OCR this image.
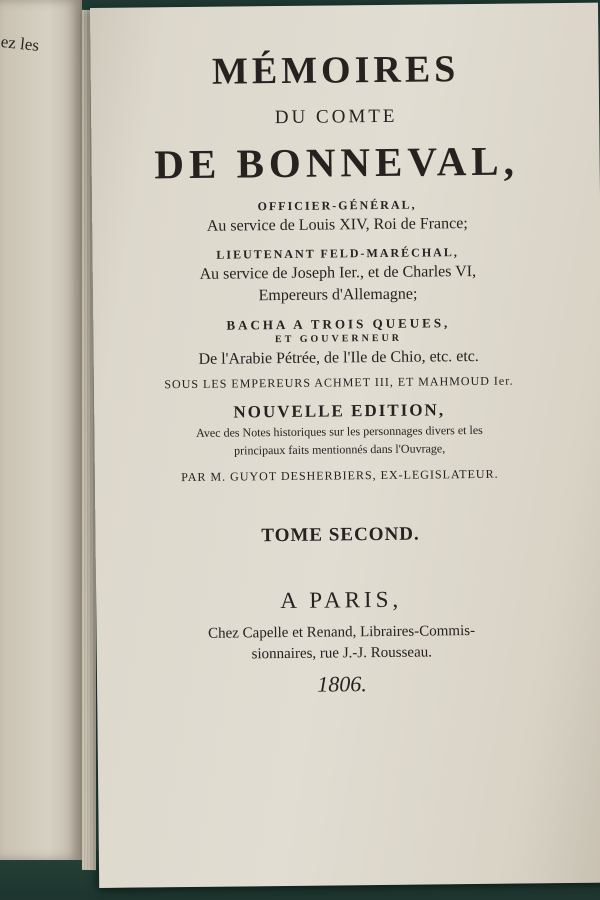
ez les
MÉMOIRES
DU COMTE
DE BONNEVAL,
OFFICIER-GÉNÉRAL,
Au service de Louis XIV, Roi de France;
LIEUTENANT FELD-MARÉCHAL,
Au service de Joseph Ier., et de Charles VI,
Empereurs d'Allemagne;
BACHA A TROIS QUEUES,
ET GOUVERNEUR
De l'Arabie Pétrée, de l'Ile de Chio, etc. etc.
SOUS LES EMPEREURS ACHMET III, ET MAHMOUD Ier.
NOUVELLE EDITION,
Avec des Notes historiques sur les personnages divers et les
principaux faits mentionnés dans l'Ouvrage,
PAR M. GUYOT DESHERBIERS, EX-LEGISLATEUR.
TOME SECOND.
A PARIS,
Chez Capelle et Renand, Libraires-Commis-
sionnaires, rue J.-J. Rousseau.
1806.
